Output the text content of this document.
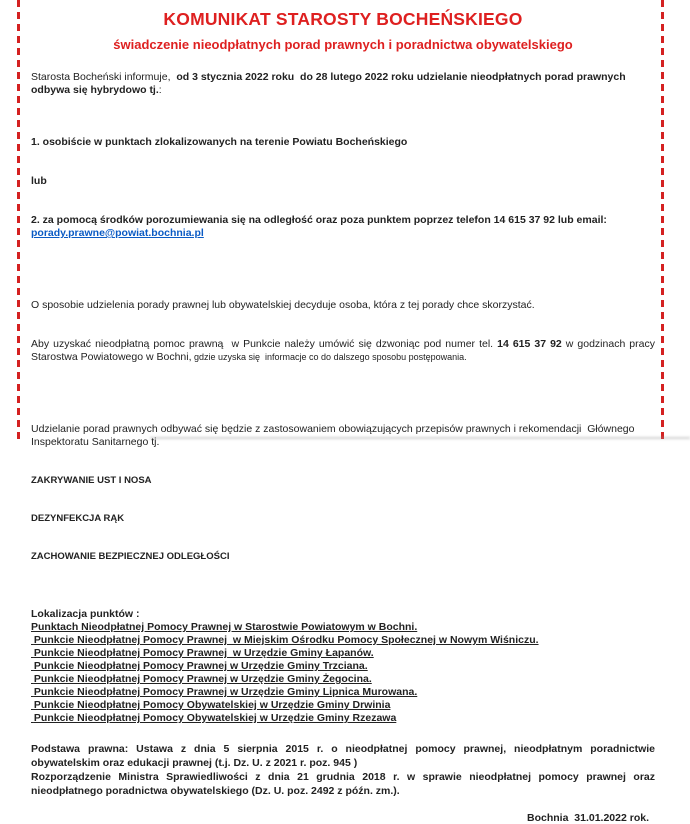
KOMUNIKAT STAROSTY BOCHEŃSKIEGO
świadczenie nieodpłatnych porad prawnych i poradnictwa obywatelskiego
Starosta Bocheński informuje,  od 3 stycznia 2022 roku  do 28 lutego 2022 roku udzielanie nieodpłatnych porad prawnych odbywa się hybrydowo tj.:

1. osobiście w punktach zlokalizowanych na terenie Powiatu Bocheńskiego

lub

2. za pomocą środków porozumiewania się na odległość oraz poza punktem poprzez telefon 14 615 37 92 lub email: porady.prawne@powiat.bochnia.pl

O sposobie udzielenia porady prawnej lub obywatelskiej decyduje osoba, która z tej porady chce skorzystać.

Aby uzyskać nieodpłatną pomoc prawną  w Punkcie należy umówić się dzwoniąc pod numer tel. 14 615 37 92 w godzinach pracy Starostwa Powiatowego w Bochni, gdzie uzyska się  informacje co do dalszego sposobu postępowania.

Udzielanie porad prawnych odbywać się będzie z zastosowaniem obowiązujących przepisów prawnych i rekomendacji  Głównego Inspektoratu Sanitarnego tj.

ZAKRYWANIE UST I NOSA

DEZYNFEKCJA RĄK

ZACHOWANIE BEZPIECZNEJ ODLEGŁOŚCI

Lokalizacja punktów :
Punktach Nieodpłatnej Pomocy Prawnej w Starostwie Powiatowym w Bochni.
Punkcie Nieodpłatnej Pomocy Prawnej  w Miejskim Ośrodku Pomocy Społecznej w Nowym Wiśniczu.
Punkcie Nieodpłatnej Pomocy Prawnej  w Urzędzie Gminy Łapanów.
Punkcie Nieodpłatnej Pomocy Prawnej w Urzędzie Gminy Trzciana.
Punkcie Nieodpłatnej Pomocy Prawnej w Urzędzie Gminy Żegocina.
Punkcie Nieodpłatnej Pomocy Prawnej w Urzędzie Gminy Lipnica Murowana.
Punkcie Nieodpłatnej Pomocy Obywatelskiej w Urzędzie Gminy Drwinia
Punkcie Nieodpłatnej Pomocy Obywatelskiej w Urzędzie Gminy Rzezawa
Podstawa prawna: Ustawa z dnia 5 sierpnia 2015 r. o nieodpłatnej pomocy prawnej, nieodpłatnym poradnictwie obywatelskim oraz edukacji prawnej (t.j. Dz. U. z 2021 r. poz. 945 )
Rozporządzenie Ministra Sprawiedliwości z dnia 21 grudnia 2018 r. w sprawie nieodpłatnej pomocy prawnej oraz nieodpłatnego poradnictwa obywatelskiego (Dz. U. poz. 2492 z późn. zm.).
Bochnia  31.01.2022 rok.
